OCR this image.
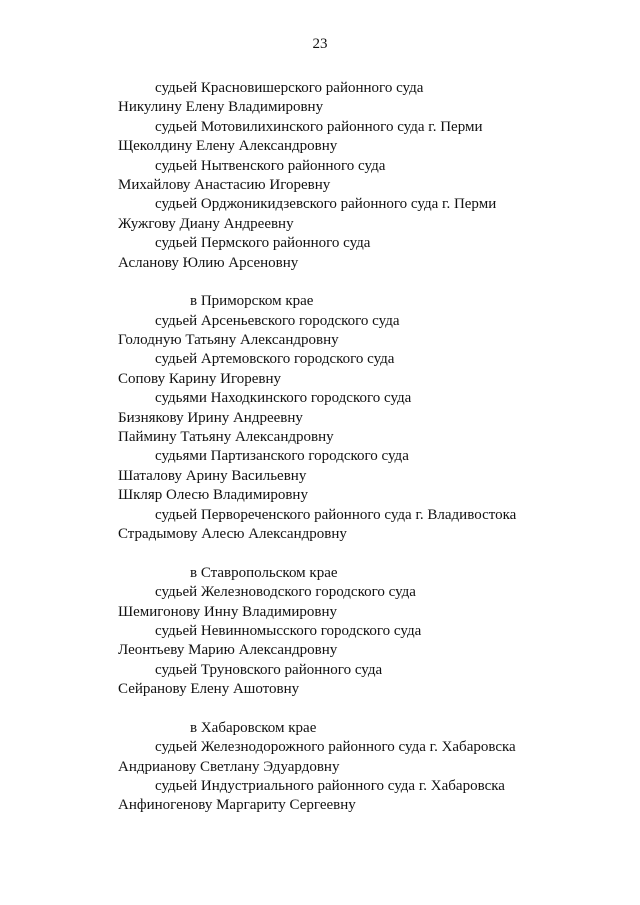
23
судьей Красновишерского районного суда
Никулину Елену Владимировну
судьей Мотовилихинского районного суда г. Перми
Щеколдину Елену Александровну
судьей Нытвенского районного суда
Михайлову Анастасию Игоревну
судьей Орджоникидзевского районного суда г. Перми
Жужгову Диану Андреевну
судьей Пермского районного суда
Асланову Юлию Арсеновну
в Приморском крае
судьей Арсеньевского городского суда
Голодную Татьяну Александровну
судьей Артемовского городского суда
Сопову Карину Игоревну
судьями Находкинского городского суда
Бизнякову Ирину Андреевну
Паймину Татьяну Александровну
судьями Партизанского городского суда
Шаталову Арину Васильевну
Шкляр Олесю Владимировну
судьей Первореченского районного суда г. Владивостока
Страдымову Алесю Александровну
в Ставропольском крае
судьей Железноводского городского суда
Шемигонову Инну Владимировну
судьей Невинномысского городского суда
Леонтьеву Марию Александровну
судьей Труновского районного суда
Сейранову Елену Ашотовну
в Хабаровском крае
судьей Железнодорожного районного суда г. Хабаровска
Андрианову Светлану Эдуардовну
судьей Индустриального районного суда г. Хабаровска
Анфиногенову Маргариту Сергеевну
